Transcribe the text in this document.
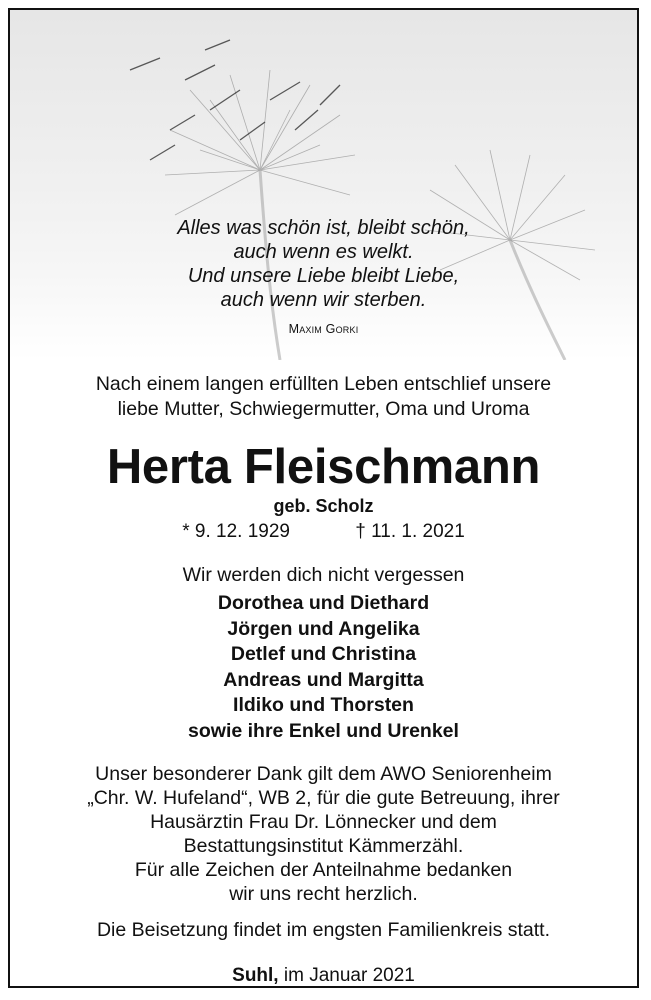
Alles was schön ist, bleibt schön,
auch wenn es welkt.
Und unsere Liebe bleibt Liebe,
auch wenn wir sterben.
Maxim Gorki
Nach einem langen erfüllten Leben entschlief unsere
liebe Mutter, Schwiegermutter, Oma und Uroma
Herta Fleischmann
geb. Scholz
* 9. 12. 1929	† 11. 1. 2021
Wir werden dich nicht vergessen
Dorothea und Diethard
Jörgen und Angelika
Detlef und Christina
Andreas und Margitta
Ildiko und Thorsten
sowie ihre Enkel und Urenkel
Unser besonderer Dank gilt dem AWO Seniorenheim
„Chr. W. Hufeland“, WB 2, für die gute Betreuung, ihrer
Hausärztin Frau Dr. Lönnecker und dem
Bestattungsinstitut Kämmerzähl.
Für alle Zeichen der Anteilnahme bedanken
wir uns recht herzlich.
Die Beisetzung findet im engsten Familienkreis statt.
Suhl, im Januar 2021
